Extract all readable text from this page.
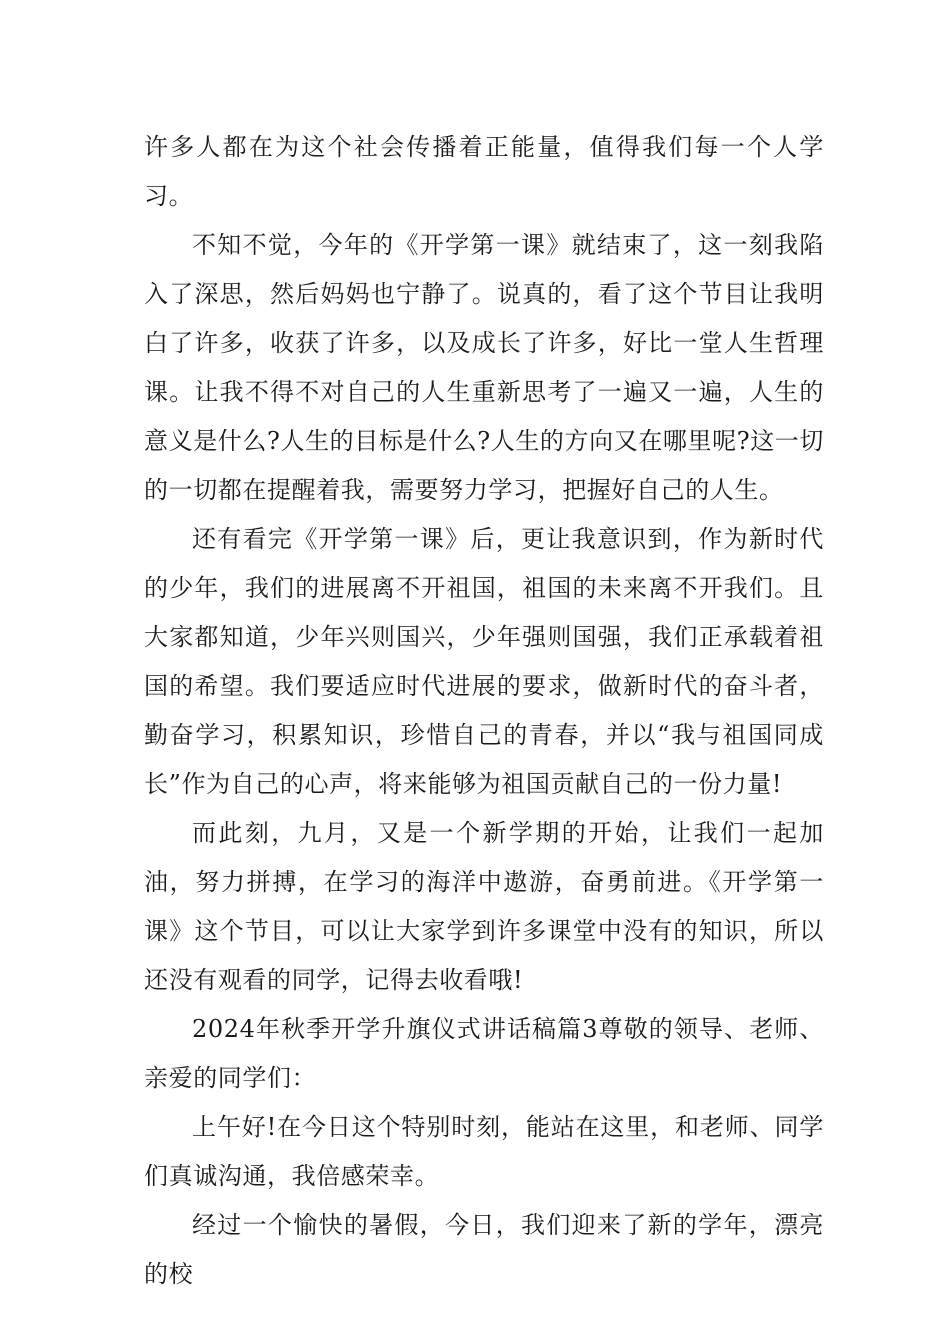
许多人都在为这个社会传播着正能量，值得我们每一个人学习。

不知不觉，今年的《开学第一课》就结束了，这一刻我陷入了深思，然后妈妈也宁静了。说真的，看了这个节目让我明白了许多，收获了许多，以及成长了许多，好比一堂人生哲理课。让我不得不对自己的人生重新思考了一遍又一遍，人生的意义是什么?人生的目标是什么?人生的方向又在哪里呢?这一切的一切都在提醒着我，需要努力学习，把握好自己的人生。

还有看完《开学第一课》后，更让我意识到，作为新时代的少年，我们的进展离不开祖国，祖国的未来离不开我们。且大家都知道，少年兴则国兴，少年强则国强，我们正承载着祖国的希望。我们要适应时代进展的要求，做新时代的奋斗者，勤奋学习，积累知识，珍惜自己的青春，并以“我与祖国同成长”作为自己的心声，将来能够为祖国贡献自己的一份力量!

而此刻，九月，又是一个新学期的开始，让我们一起加油，努力拼搏，在学习的海洋中遨游，奋勇前进。《开学第一课》这个节目，可以让大家学到许多课堂中没有的知识，所以还没有观看的同学，记得去收看哦!

2024年秋季开学升旗仪式讲话稿篇3尊敬的领导、老师、亲爱的同学们：

上午好!在今日这个特别时刻，能站在这里，和老师、同学们真诚沟通，我倍感荣幸。

经过一个愉快的暑假，今日，我们迎来了新的学年，漂亮的校
